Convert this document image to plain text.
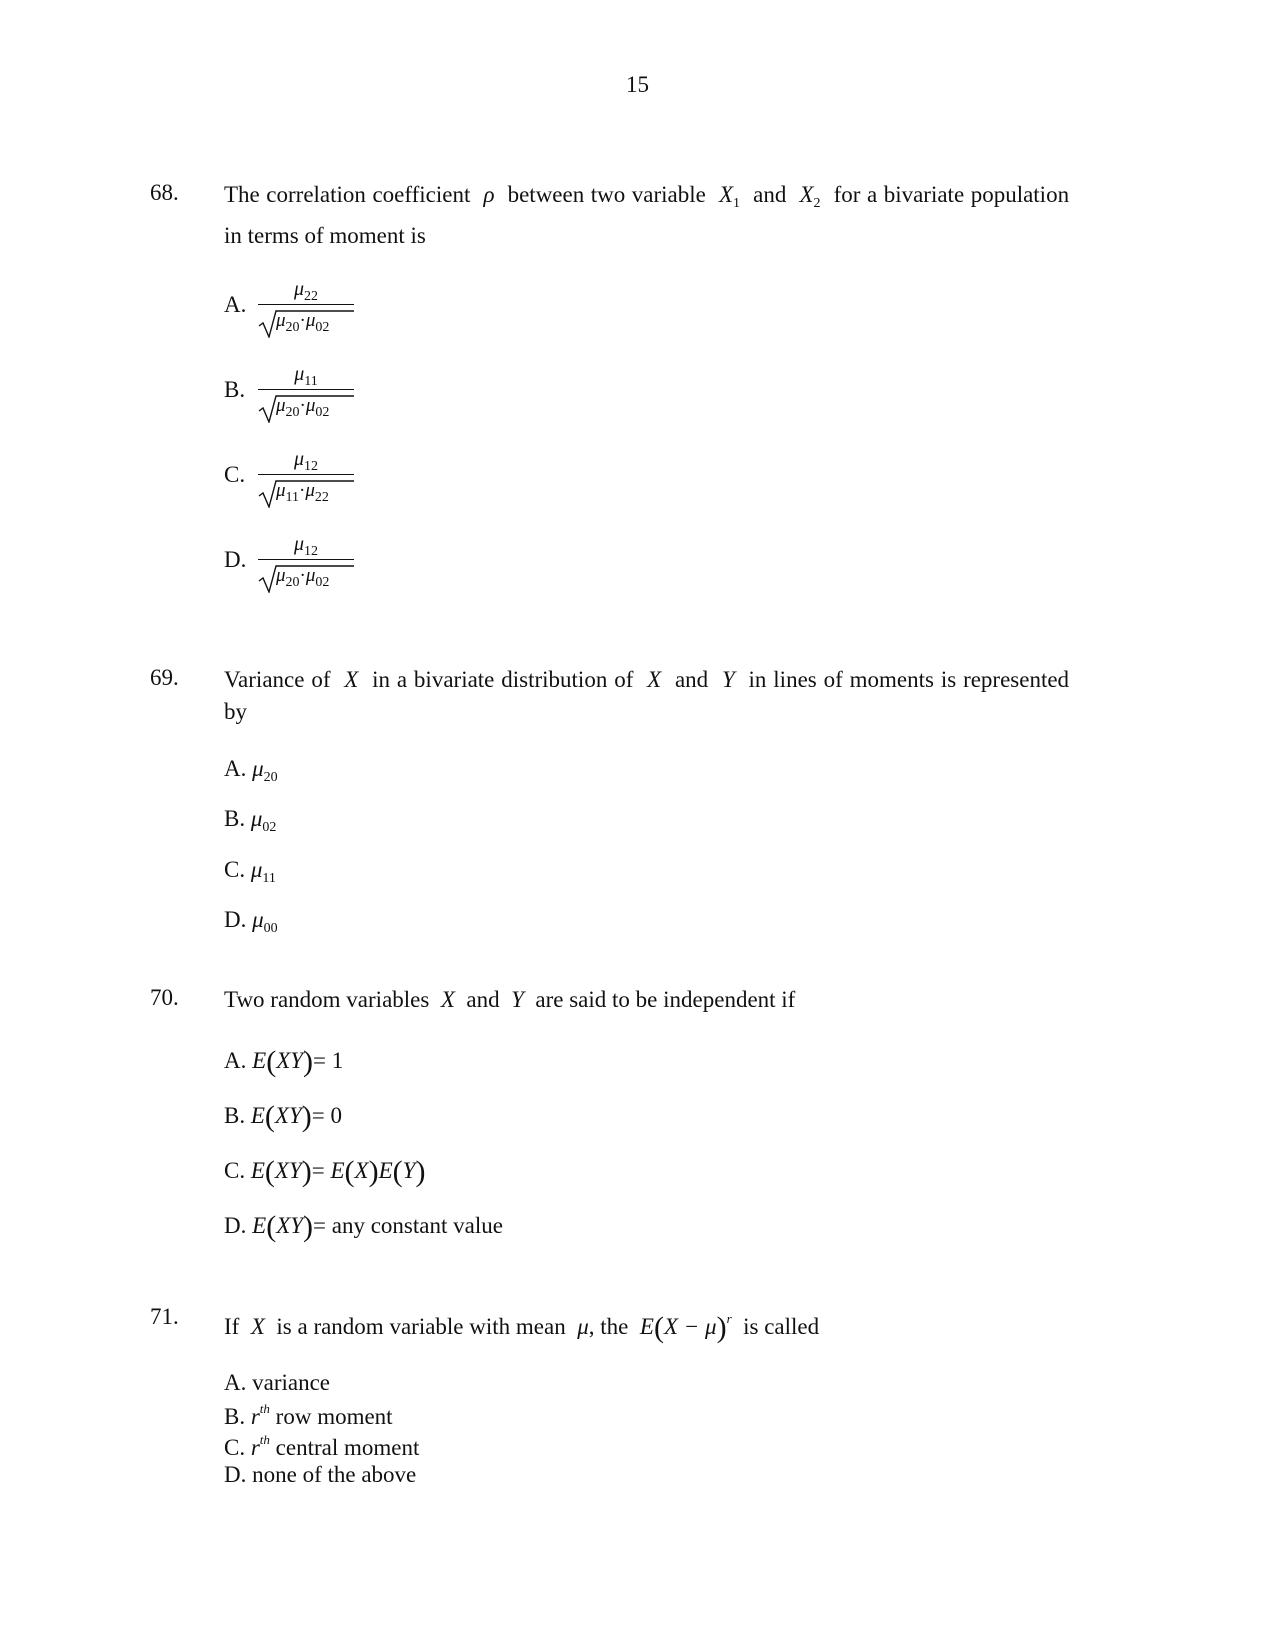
15
68. The correlation coefficient ρ between two variable $X_1$ and $X_2$ for a bivariate population in terms of moment is
A.
$\mu_{22}$
$\mu_{20}\cdot\mu_{02}$
B.
$\mu_{11}$
$\mu_{20}\cdot\mu_{02}$
C.
$\mu_{12}$
$\mu_{11}\cdot\mu_{22}$
D.
$\mu_{12}$
$\mu_{20}\cdot\mu_{02}$
69. Variance of X in a bivariate distribution of X and Y in lines of moments is represented by
A. $\mu_{20}$
B. $\mu_{02}$
C. $\mu_{11}$
D. $\mu_{00}$
70. Two random variables X and Y are said to be independent if
A. E(XY)= 1
B. E(XY)= 0
C. E(XY)= E(X)E(Y)
D. E(XY)= any constant value
71. If X is a random variable with mean μ, the $E(X - \mu)^r$ is called
A. variance
B. $r^{th}$ row moment
C. $r^{th}$ central moment
D. none of the above
